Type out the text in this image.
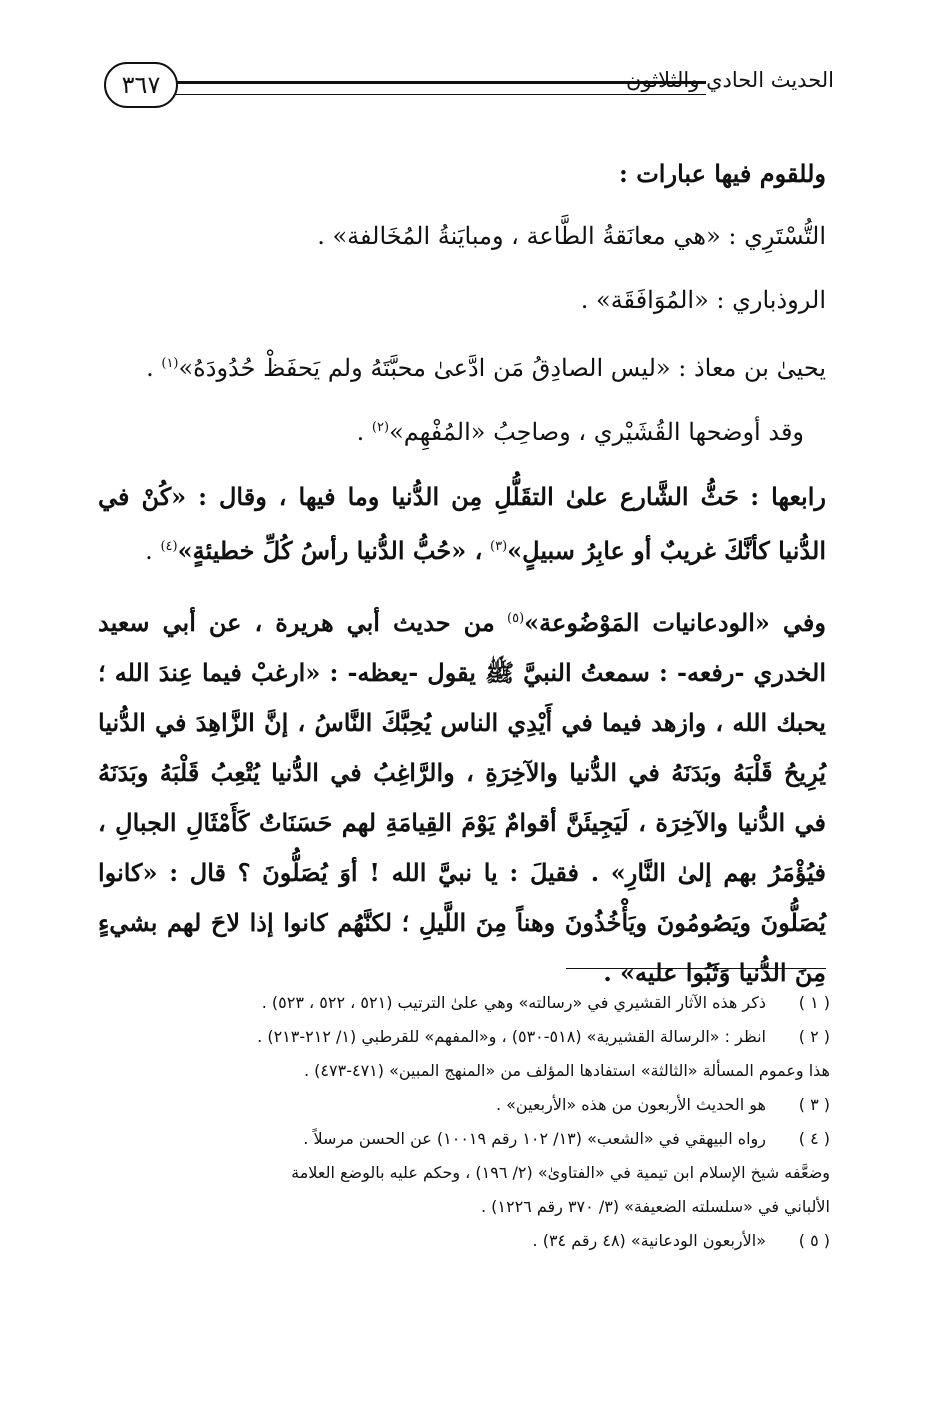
٣٦٧	الحديث الحادي والثلاثون

وللقوم فيها عبارات :

التُّسْتَرِي : «هي معانَقةُ الطَّاعة ، ومبايَنةُ المُخَالفة» .

الروذباري : «المُوَافَقَة» .

يحيىٰ بن معاذ : «ليس الصادِقُ مَن ادَّعىٰ محبَّتَهُ ولم يَحفَظْ حُدُودَهُ»$^{(١)}$ .

وقد أوضحها القُشَيْري ، وصاحِبُ «المُفْهِم»$^{(٢)}$ .

رابعها : حَثُّ الشَّارع علىٰ التقَلُّلِ مِن الدُّنيا وما فيها ، وقال : «كُنْ في الدُّنيا كأنَّكَ غريبٌ أو عابِرُ سبيلٍ»$^{(٣)}$ ، «حُبُّ الدُّنيا رأسُ كُلِّ خطيئةٍ»$^{(٤)}$ .

وفي «الودعانيات المَوْضُوعة»$^{(٥)}$ من حديث أبي هريرة ، عن أبي سعيد الخدري -رفعه- : سمعتُ النبيَّ ﷺ يقول -يعظه- : «ارغبْ فيما عِندَ الله ؛ يحبك الله ، وازهد فيما في أَيْدِي الناس يُحِبَّكَ النَّاسُ ، إنَّ الزَّاهِدَ في الدُّنيا يُرِيحُ قَلْبَهُ وبَدَنَهُ في الدُّنيا والآخِرَةِ ، والرَّاغِبُ في الدُّنيا يُتْعِبُ قَلْبَهُ وبَدَنَهُ في الدُّنيا والآخِرَة ، لَيَجِيئَنَّ أقوامٌ يَوْمَ القِيامَةِ لهم حَسَنَاتٌ كَأَمْثَالِ الجبالِ ، فيُؤْمَرُ بهم إلىٰ النَّارِ» . فقيلَ : يا نبيَّ الله ! أوَ يُصَلُّونَ ؟ قال : «كانوا يُصَلُّونَ ويَصُومُونَ ويَأْخُذُونَ وهناً مِنَ اللَّيلِ ؛ لكنَّهُم كانوا إذا لاحَ لهم بشيءٍ مِنَ الدُّنيا وَثَبُوا عليه» .

( ١ )
ذكر هذه الآثار القشيري في «رسالته» وهي علىٰ الترتيب (٥٢١ ، ٥٢٢ ، ٥٢٣) .
( ٢ )
انظر : «الرسالة القشيرية» (٥١٨-٥٣٠) ، و«المفهم» للقرطبي (١/ ٢١٢-٢١٣) .
هذا وعموم المسألة «الثالثة» استفادها المؤلف من «المنهج المبين» (٤٧١-٤٧٣) .
( ٣ )
هو الحديث الأربعون من هذه «الأربعين» .
( ٤ )
رواه البيهقي في «الشعب» (١٣/ ١٠٢ رقم ١٠٠١٩) عن الحسن مرسلاً .
وضعَّفه شيخ الإسلام ابن تيمية في «الفتاوىٰ» (٢/ ١٩٦) ، وحكم عليه بالوضع العلامة
الألباني في «سلسلته الضعيفة» (٣/ ٣٧٠ رقم ١٢٢٦) .
( ٥ )
«الأربعون الودعانية» (٤٨ رقم ٣٤) .
